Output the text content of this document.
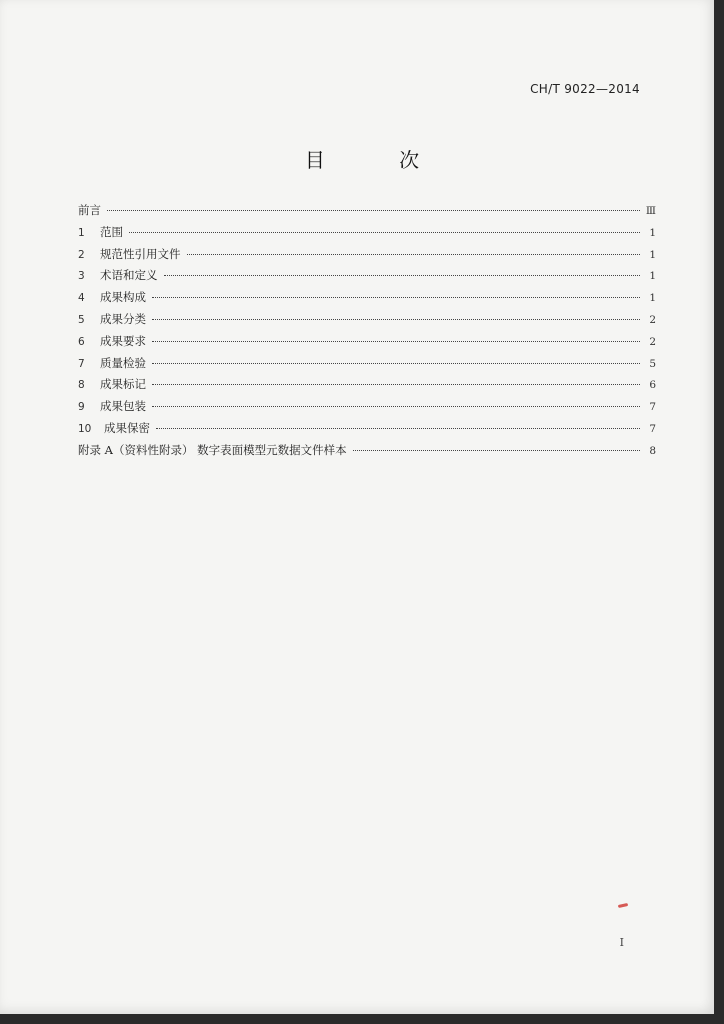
CH/T 9022—2014
目 次
前言	Ⅲ
1	范围	1
2	规范性引用文件	1
3	术语和定义	1
4	成果构成	1
5	成果分类	2
6	成果要求	2
7	质量检验	5
8	成果标记	6
9	成果包装	7
10	成果保密	7
附录 A（资料性附录） 数字表面模型元数据文件样本	8
Ⅰ
